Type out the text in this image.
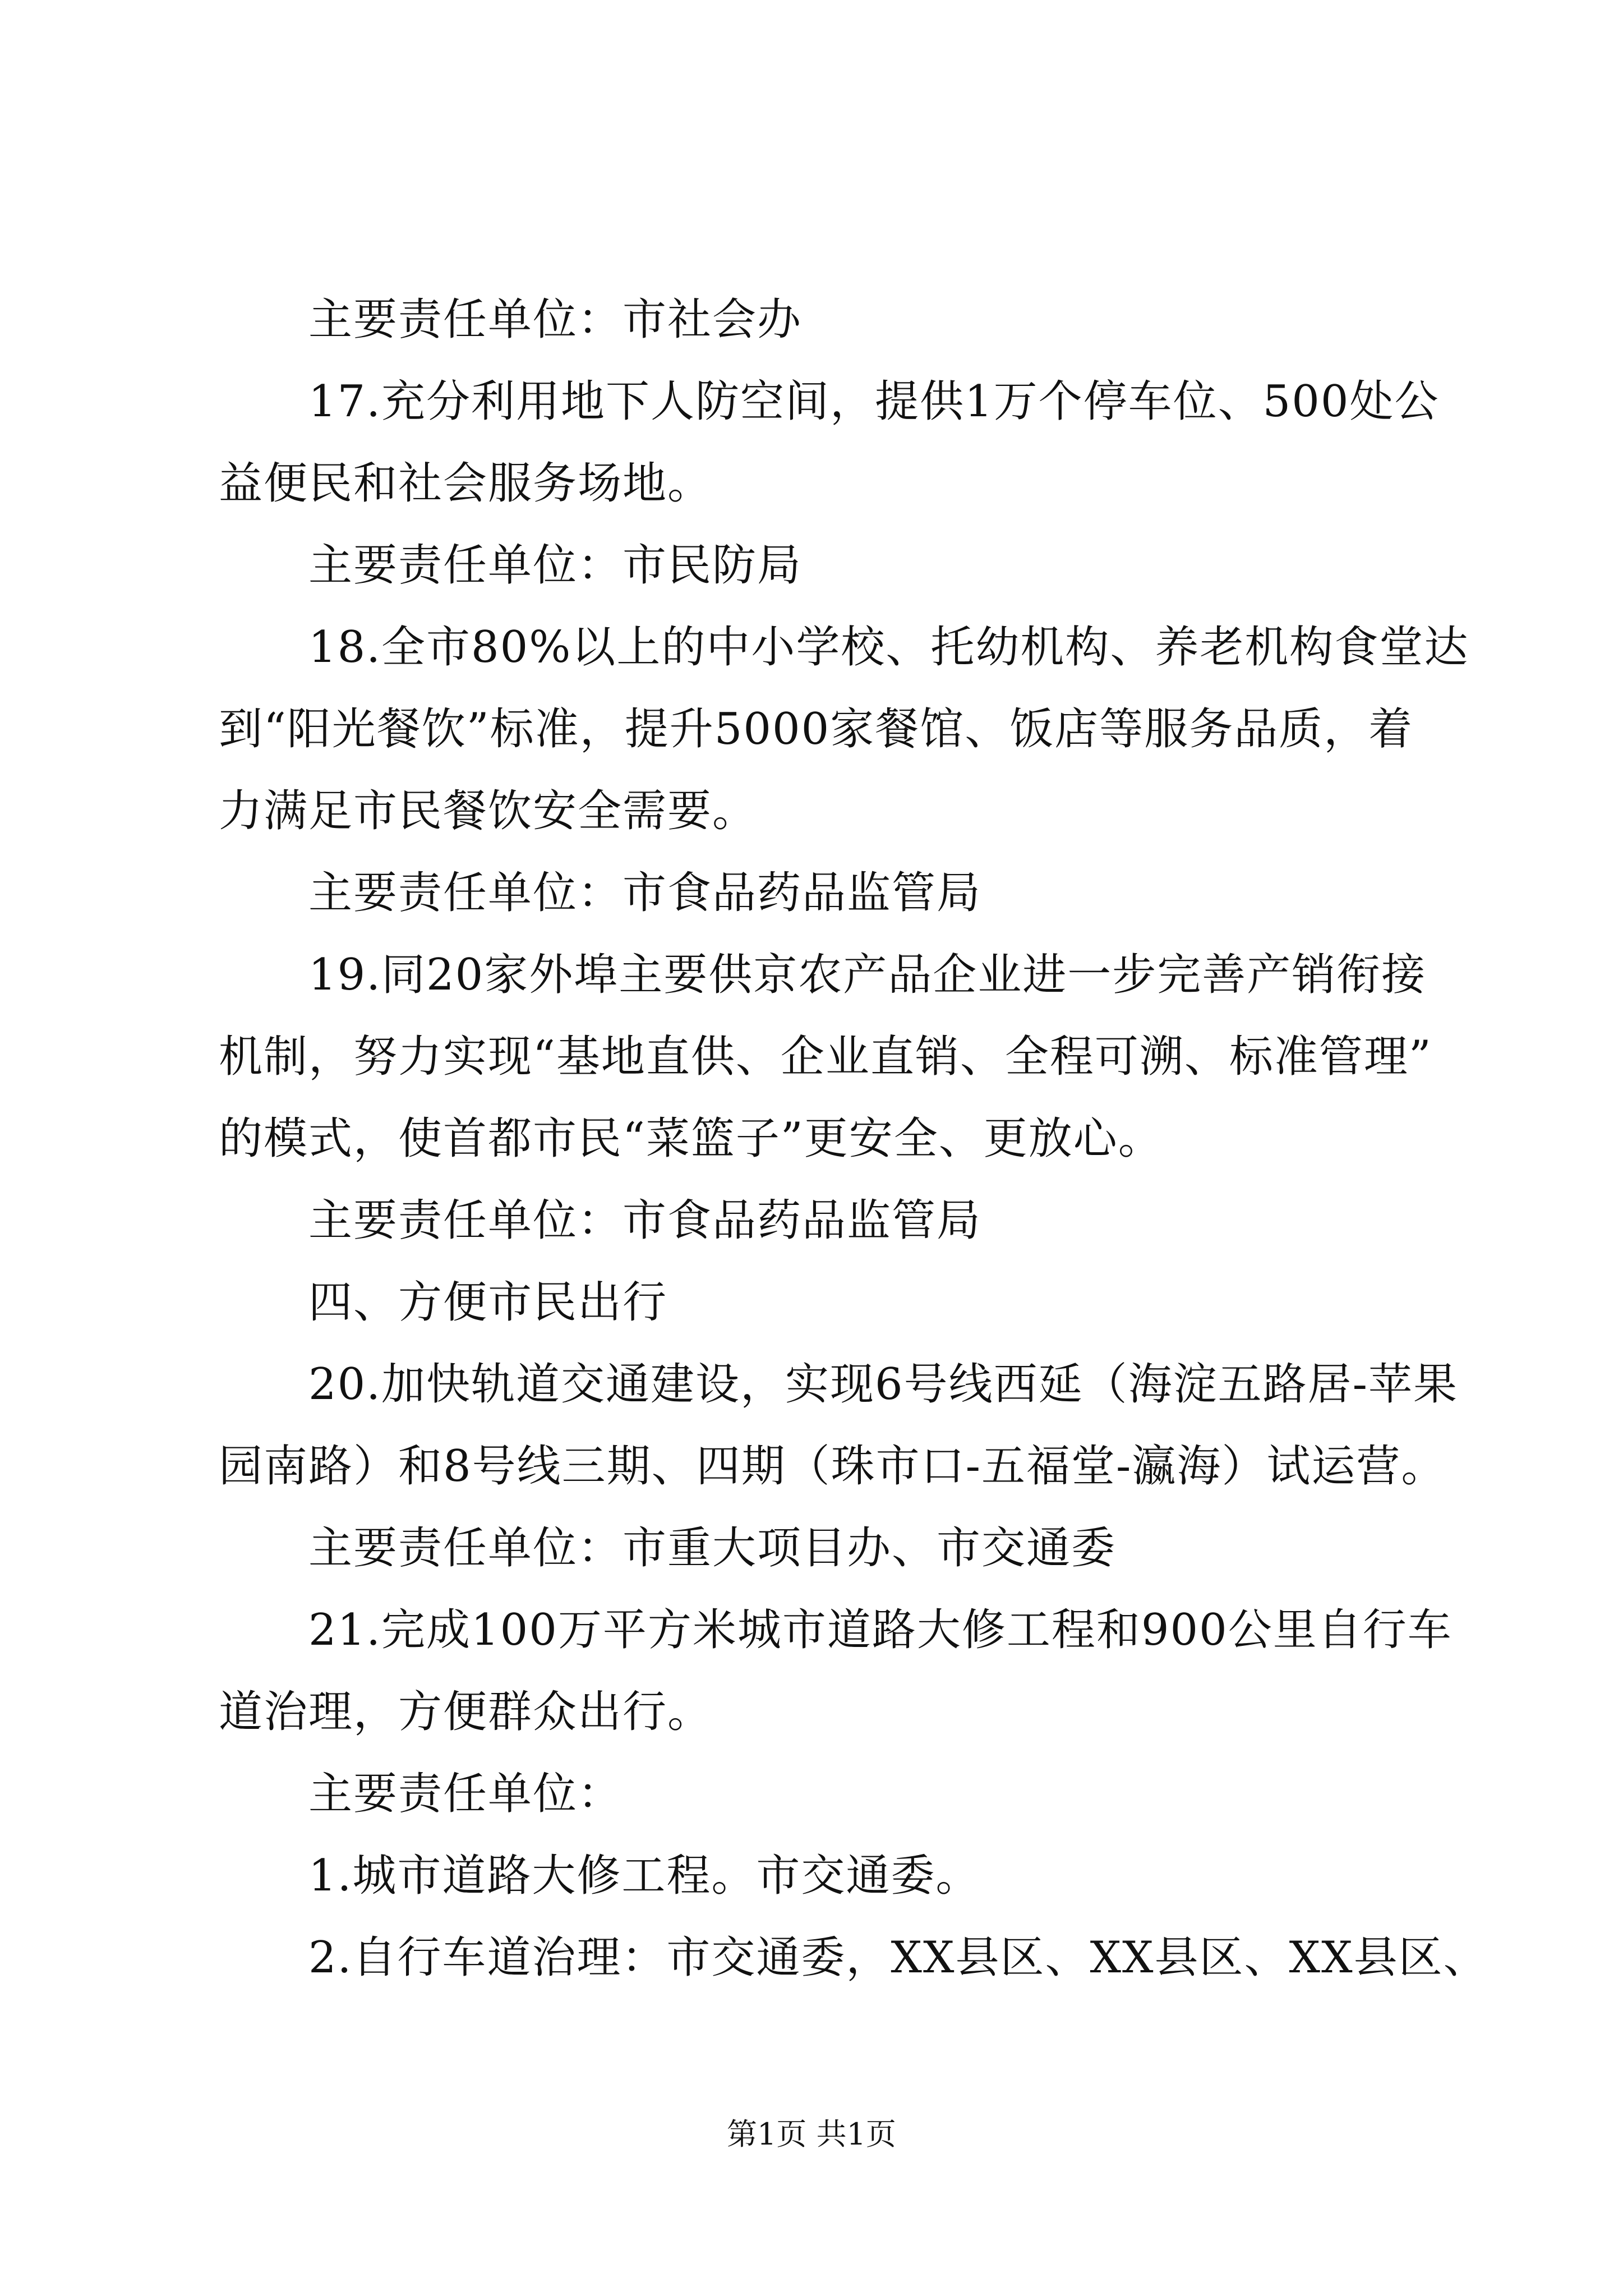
主要责任单位：市社会办
17.充分利用地下人防空间，提供1万个停车位、500处公
益便民和社会服务场地。
主要责任单位：市民防局
18.全市80%以上的中小学校、托幼机构、养老机构食堂达
到“阳光餐饮”标准，提升5000家餐馆、饭店等服务品质，着
力满足市民餐饮安全需要。
主要责任单位：市食品药品监管局
19.同20家外埠主要供京农产品企业进一步完善产销衔接
机制，努力实现“基地直供、企业直销、全程可溯、标准管理”
的模式，使首都市民“菜篮子”更安全、更放心。
主要责任单位：市食品药品监管局
四、方便市民出行
20.加快轨道交通建设，实现6号线西延（海淀五路居-苹果
园南路）和8号线三期、四期（珠市口-五福堂-瀛海）试运营。
主要责任单位：市重大项目办、市交通委
21.完成100万平方米城市道路大修工程和900公里自行车
道治理，方便群众出行。
主要责任单位：
1.城市道路大修工程。市交通委。
2.自行车道治理：市交通委，XX县区、XX县区、XX县区、
第1页 共1页
